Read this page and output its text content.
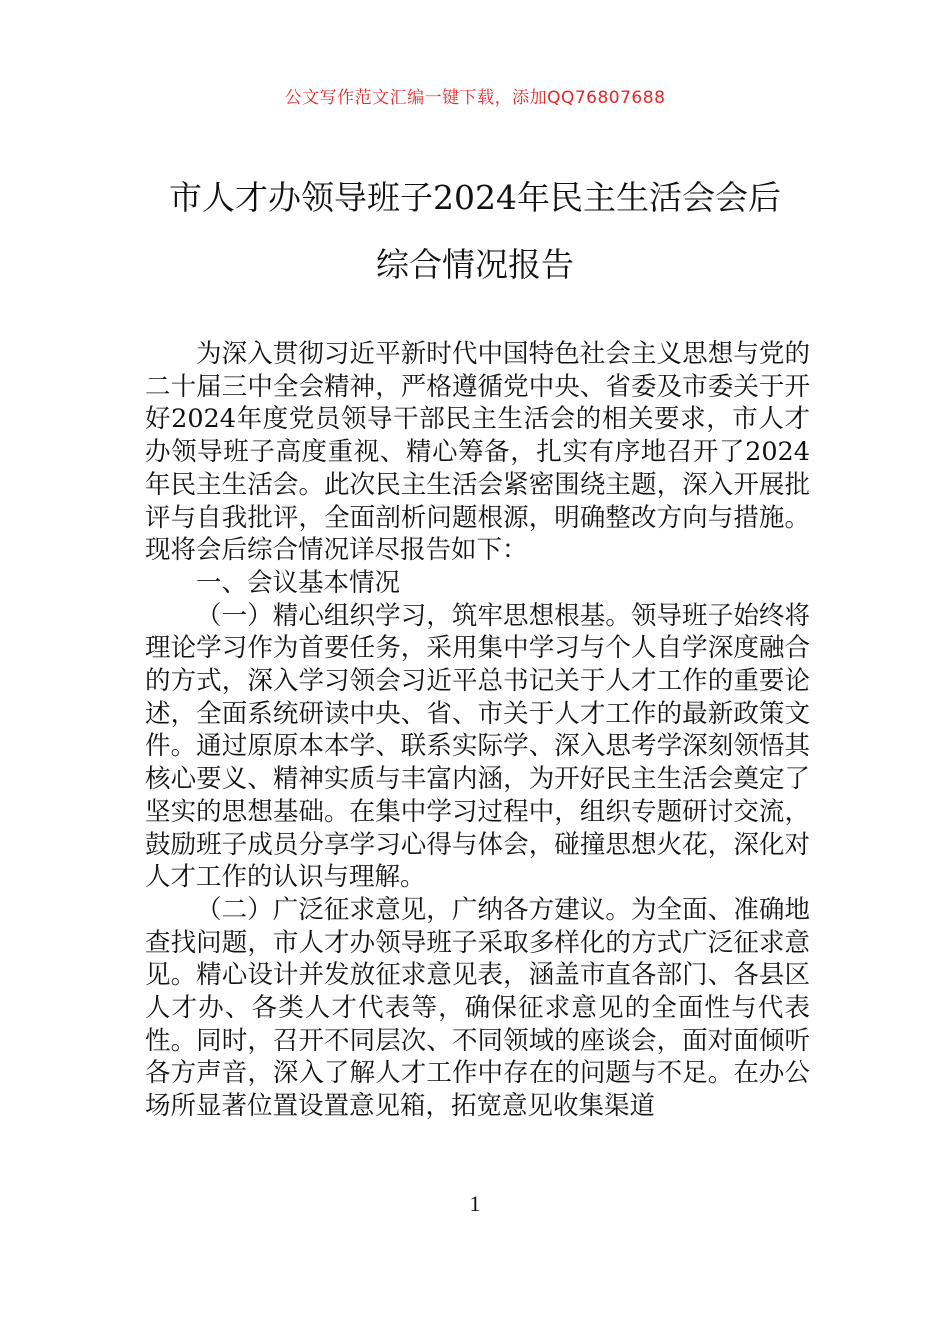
公文写作范文汇编一键下载，添加QQ76807688
市人才办领导班子2024年民主生活会会后
综合情况报告

为深入贯彻习近平新时代中国特色社会主义思想与党的二十届三中全会精神，严格遵循党中央、省委及市委关于开好2024年度党员领导干部民主生活会的相关要求，市人才办领导班子高度重视、精心筹备，扎实有序地召开了2024年民主生活会。此次民主生活会紧密围绕主题，深入开展批评与自我批评，全面剖析问题根源，明确整改方向与措施。现将会后综合情况详尽报告如下：

一、会议基本情况

（一）精心组织学习，筑牢思想根基。领导班子始终将理论学习作为首要任务，采用集中学习与个人自学深度融合的方式，深入学习领会习近平总书记关于人才工作的重要论述，全面系统研读中央、省、市关于人才工作的最新政策文件。通过原原本本学、联系实际学、深入思考学深刻领悟其核心要义、精神实质与丰富内涵，为开好民主生活会奠定了坚实的思想基础。在集中学习过程中，组织专题研讨交流，鼓励班子成员分享学习心得与体会，碰撞思想火花，深化对人才工作的认识与理解。

（二）广泛征求意见，广纳各方建议。为全面、准确地查找问题，市人才办领导班子采取多样化的方式广泛征求意见。精心设计并发放征求意见表，涵盖市直各部门、各县区人才办、各类人才代表等，确保征求意见的全面性与代表性。同时，召开不同层次、不同领域的座谈会，面对面倾听各方声音，深入了解人才工作中存在的问题与不足。在办公场所显著位置设置意见箱，拓宽意见收集渠道

1
